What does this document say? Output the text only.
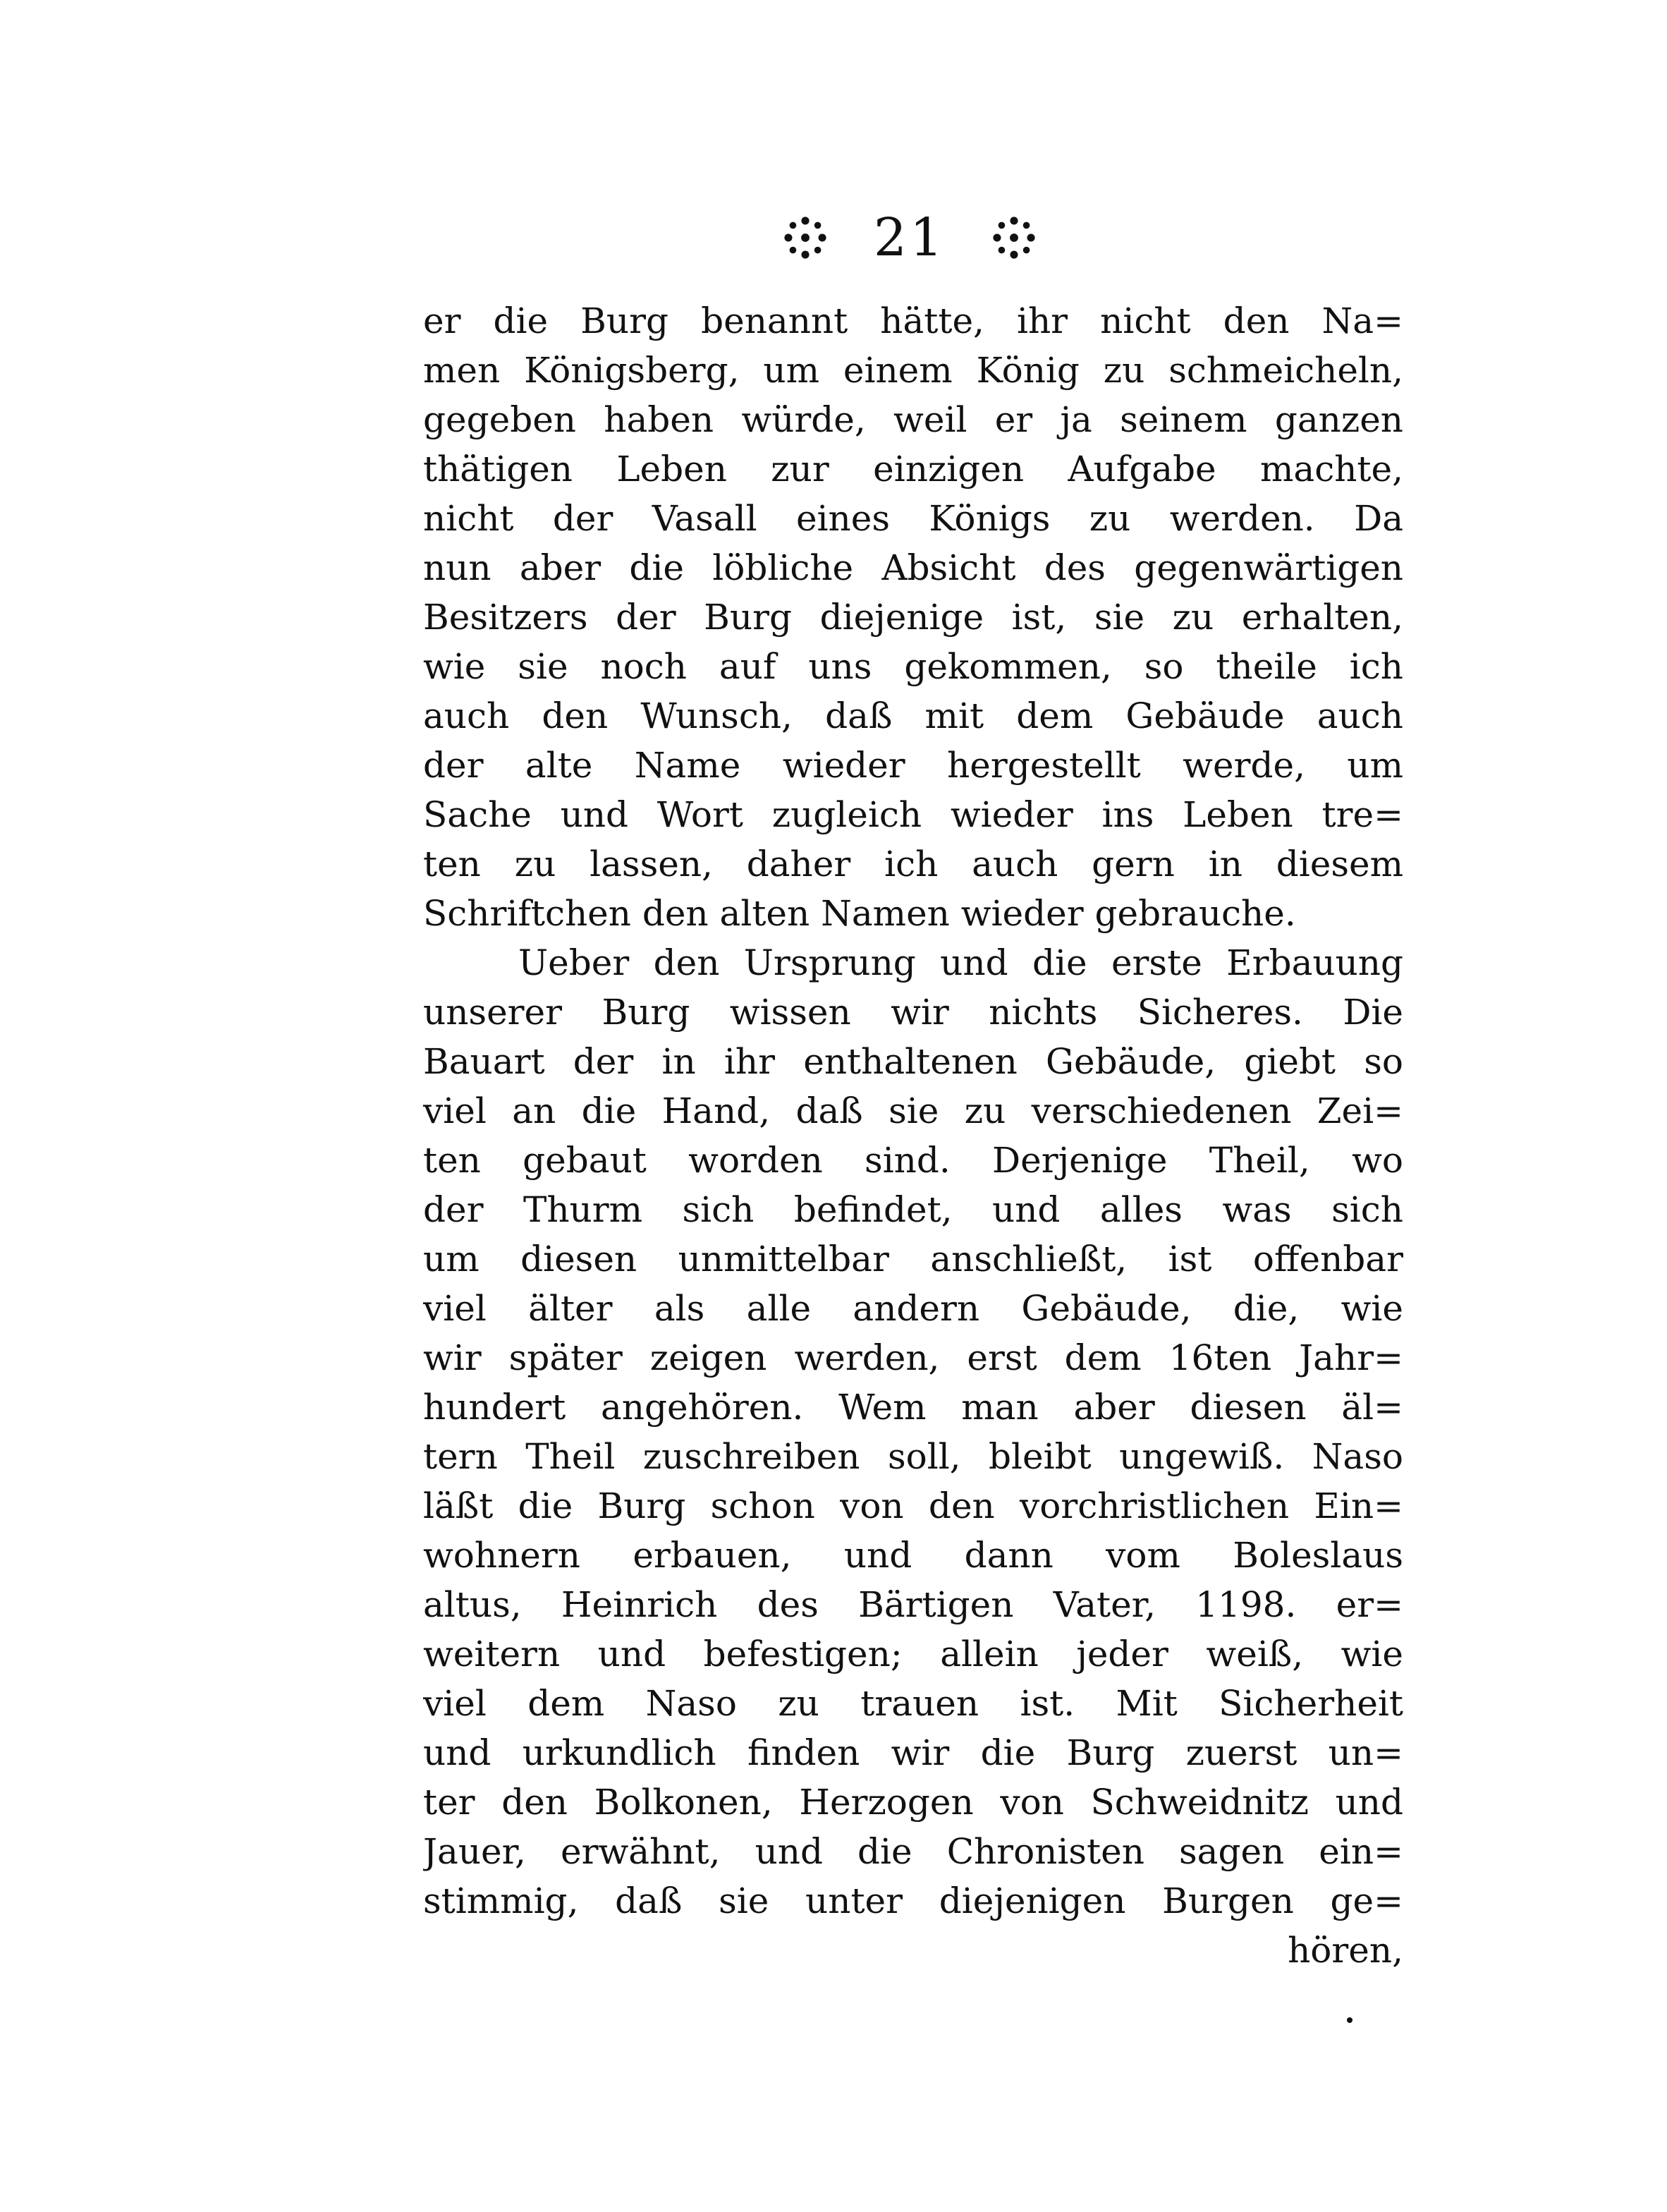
21
er die Burg benannt hätte, ihr nicht den Na=
men Königsberg, um einem König zu schmeicheln,
gegeben haben würde, weil er ja seinem ganzen
thätigen Leben zur einzigen Aufgabe machte,
nicht der Vasall eines Königs zu werden. Da
nun aber die löbliche Absicht des gegenwärtigen
Besitzers der Burg diejenige ist, sie zu erhalten,
wie sie noch auf uns gekommen, so theile ich
auch den Wunsch, daß mit dem Gebäude auch
der alte Name wieder hergestellt werde, um
Sache und Wort zugleich wieder ins Leben tre=
ten zu lassen, daher ich auch gern in diesem
Schriftchen den alten Namen wieder gebrauche.
Ueber den Ursprung und die erste Erbauung
unserer Burg wissen wir nichts Sicheres. Die
Bauart der in ihr enthaltenen Gebäude, giebt so
viel an die Hand, daß sie zu verschiedenen Zei=
ten gebaut worden sind. Derjenige Theil, wo
der Thurm sich befindet, und alles was sich
um diesen unmittelbar anschließt, ist offenbar
viel älter als alle andern Gebäude, die, wie
wir später zeigen werden, erst dem 16ten Jahr=
hundert angehören. Wem man aber diesen äl=
tern Theil zuschreiben soll, bleibt ungewiß. Naso
läßt die Burg schon von den vorchristlichen Ein=
wohnern erbauen, und dann vom Boleslaus
altus, Heinrich des Bärtigen Vater, 1198. er=
weitern und befestigen; allein jeder weiß, wie
viel dem Naso zu trauen ist. Mit Sicherheit
und urkundlich finden wir die Burg zuerst un=
ter den Bolkonen, Herzogen von Schweidnitz und
Jauer, erwähnt, und die Chronisten sagen ein=
stimmig, daß sie unter diejenigen Burgen ge=
hören,
